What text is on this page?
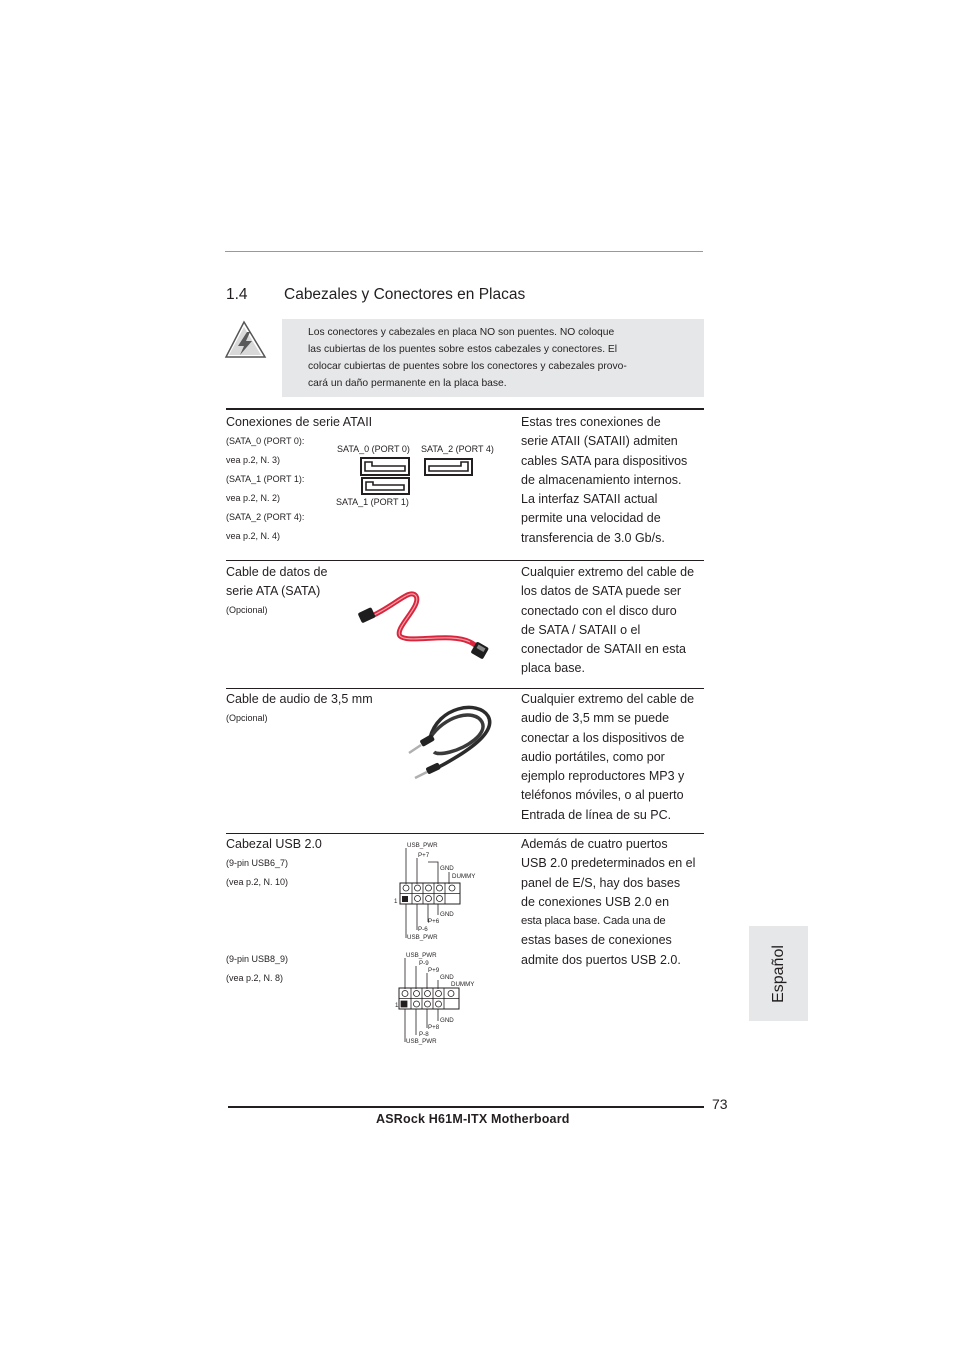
1.4 Cabezales y Conectores en Placas
Los conectores y cabezales en placa NO son puentes. NO coloque
las cubiertas de los puentes sobre estos cabezales y conectores. El
colocar cubiertas de puentes sobre los conectores y cabezales provo-
cará un daño permanente en la placa base.
Conexiones de serie ATAII
(SATA_0 (PORT 0):
vea p.2, N. 3)
(SATA_1 (PORT 1):
vea p.2, N. 2)
(SATA_2 (PORT 4):
vea p.2, N. 4)
SATA_0 (PORT 0) SATA_2 (PORT 4)
SATA_1 (PORT 1)
Estas tres conexiones de
serie ATAII (SATAII) admiten
cables SATA para dispositivos
de almacenamiento internos.
La interfaz SATAII actual
permite una velocidad de
transferencia de 3.0 Gb/s.
Cable de datos de
serie ATA (SATA)
(Opcional)
Cualquier extremo del cable de
los datos de SATA puede ser
conectado con el disco duro
de SATA / SATAII o el
conectador de SATAII en esta
placa base.
Cable de audio de 3,5 mm
(Opcional)
Cualquier extremo del cable de
audio de 3,5 mm se puede
conectar a los dispositivos de
audio portátiles, como por
ejemplo reproductores MP3 y
teléfonos móviles, o al puerto
Entrada de línea de su PC.
Cabezal USB 2.0
(9-pin USB6_7)
(vea p.2, N. 10)
(9-pin USB8_9)
(vea p.2, N. 8)
USB_PWR
P+7
GND
DUMMY
GND
P+6
P-6
USB_PWR
1
USB_PWR
P-9
P+9
GND
DUMMY
GND
P+8
P-8
USB_PWR
1
Además de cuatro puertos
USB 2.0 predeterminados en el
panel de E/S, hay dos bases
de conexiones USB 2.0 en
esta placa base. Cada una de
estas bases de conexiones
admite dos puertos USB 2.0.	Español
73
ASRock H61M-ITX Motherboard
